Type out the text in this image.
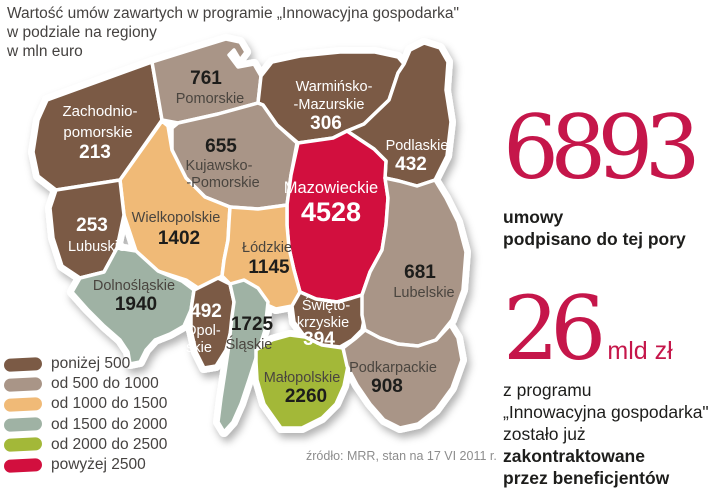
Wartość umów zawartych w programie „Innowacyjna gospodarka"
w podziale na regiony
w mln euro
Zachodnio-
pomorskie
213
761
Pomorskie
Warmińsko-
-Mazurskie
306
Podlaskie
432
655
Kujawsko-
-Pomorskie Mazowieckie
4528
Wielkopolskie
1402
253
Lubuskie	Łódzkie
1145
Dolnośląskie
1940 492
Opol-
skie
1725
Śląskie
Święto-
krzyskie
394
Małopolskie
2260
681
Lubelskie
Podkarpackie
908
6893
umowy
podpisano do tej pory
26 mld zł
z programu
„Innowacyjna gospodarka"
zostało już zakontraktowane
przez beneficjentów
poniżej 500
od 500 do 1000
od 1000 do 1500
od 1500 do 2000
od 2000 do 2500
powyżej 2500
źródło: MRR, stan na 17 VI 2011 r.
